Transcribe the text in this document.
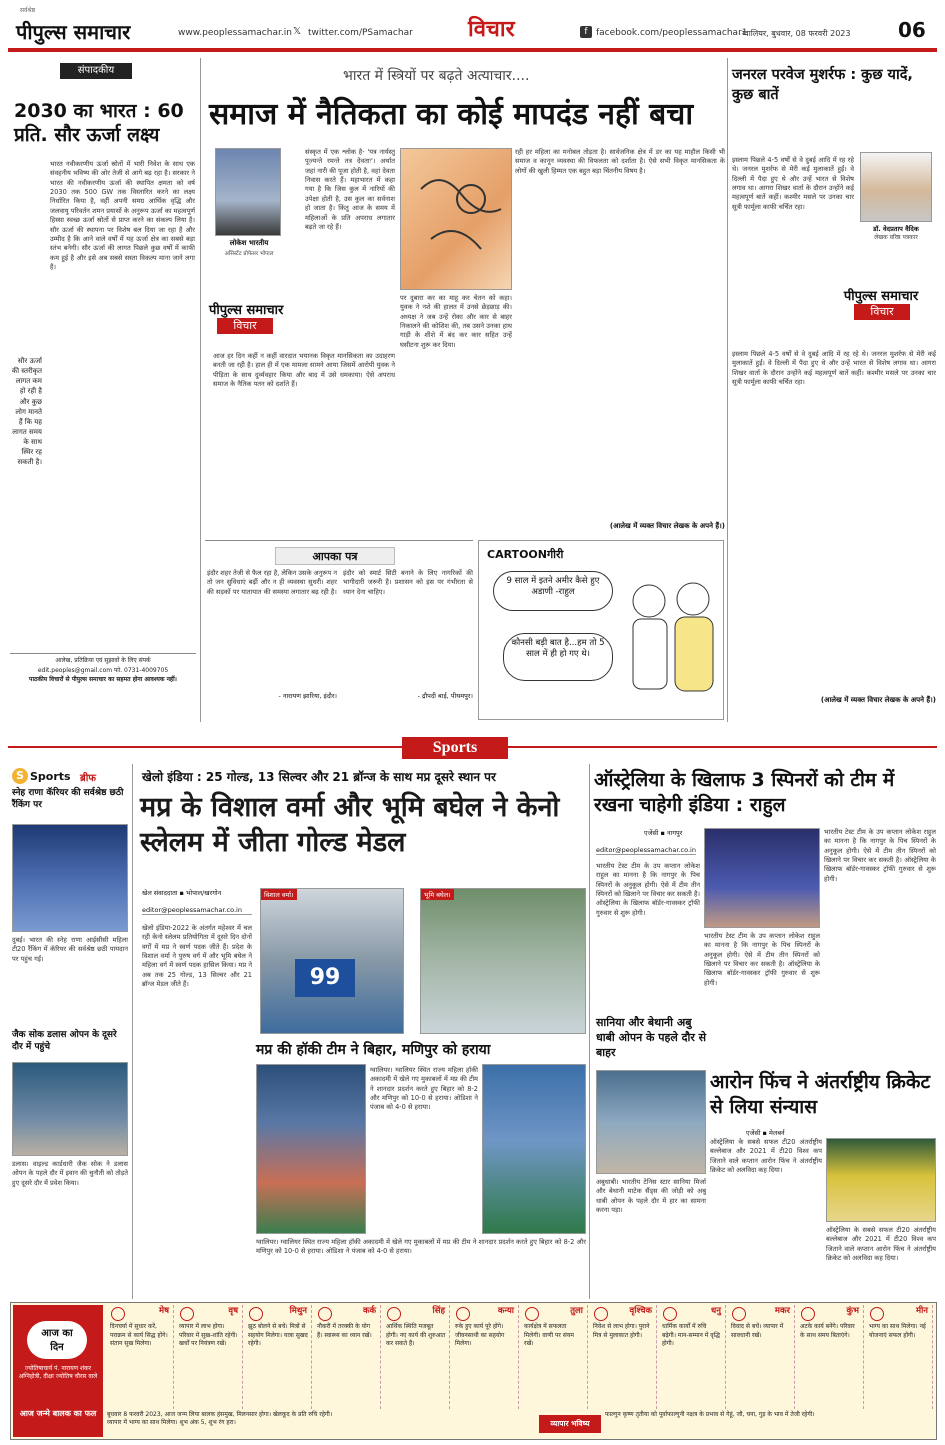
पीपुल्स समाचार
सर्वश्रेष्ठ
www.peoplessamachar.in 𝕏 twitter.com/PSamachar	विचार	f facebook.com/peoplessamachar1
ग्वालियर, बुधवार, 08 फरवरी 2023 06
संपादकीय
2030 का भारत : 60 प्रति. सौर ऊर्जा लक्ष्य
भारत नवीकरणीय ऊर्जा स्रोतों में भारी निवेश के साथ एक संवहनीय भविष्य की ओर तेजी से आगे बढ़ रहा है। सरकार ने भारत की नवीकरणीय ऊर्जा की स्थापित क्षमता को वर्ष 2030 तक 500 GW तक विस्तारित करने का लक्ष्य निर्धारित किया है, वहीं अपनी समग्र आर्थिक वृद्धि और जलवायु परिवर्तन शमन प्रयासों के अनुरूप ऊर्जा का महत्वपूर्ण हिस्सा स्वच्छ ऊर्जा स्रोतों से प्राप्त करने का संकल्प लिया है। सौर ऊर्जा की स्थापना पर विशेष बल दिया जा रहा है और उम्मीद है कि आने वाले वर्षों में यह ऊर्जा क्षेत्र का सबसे बड़ा स्तंभ बनेगी। सौर ऊर्जा की लागत पिछले कुछ वर्षों में काफी कम हुई है और इसे अब सबसे सस्ता विकल्प माना जाने लगा है।
सौर ऊर्जा की स्तरीकृत लागत कम हो रही है और कुछ लोग मानते हैं कि यह लागत समय के साथ स्थिर रह सकती है।
आलेख, प्रतिक्रिया एवं सुझावों के लिए संपर्क
edit.peoples@gmail.com फो. 0731-4009705
पाठकीय विचारों से पीपुल्स समाचार का सहमत होना आवश्यक नहीं।
भारत में स्त्रियों पर बढ़ते अत्याचार....
समाज में नैतिकता का कोई मापदंड नहीं बचा
लोकेश भारतीय
असिस्टेंट प्रोफेसर भोपाल
पीपुल्स समाचार
विचार
संस्कृत में एक श्लोक है- 'यत्र नार्यस्तु पूज्यन्ते रमन्ते तत्र देवताः'। अर्थात जहां नारी की पूजा होती है, वहां देवता निवास करते हैं। महाभारत में कहा गया है कि जिस कुल में नारियों की उपेक्षा होती है, उस कुल का सर्वनाश हो जाता है। किंतु आज के समय में महिलाओं के प्रति अपराध लगातार बढ़ते जा रहे हैं।
आज हर दिन कहीं न कहीं वारदात भयानक विकृत मानसिकता का उदाहरण बनती जा रही है। हाल ही में एक मामला सामने आया जिसमें आरोपी युवक ने पीड़िता के साथ दुर्व्यवहार किया और बाद में उसे धमकाया। ऐसे अपराध समाज के नैतिक पतन को दर्शाते हैं।
पर दुबारा कर का माहू कर चेतन को कहा। युवक ने नशे की हालत में उनसे छेड़छाड़ की। अध्यक्ष ने जब उन्हें रोका और कार से बाहर निकालने की कोशिश की, तब उसने उनका हाथ गाड़ी के शीशे में बंद कर कार सहित उन्हें घसीटना शुरू कर दिया।
रही हर महिला का मनोबल तोड़ता है। सार्वजनिक क्षेत्र में डर का यह माहौल किसी भी समाज व कानून व्यवस्था की विफलता को दर्शाता है। ऐसे सभी विकृत मानसिकता के लोगों की खुली हिम्मत एक बहुत बड़ा चिंतनीय विषय है।
(आलेख में व्यक्त विचार लेखक के अपने हैं।)
आपका पत्र
इंदौर शहर तेजी से फैल रहा है, लेकिन उसके अनुरूप न तो जन सुविधाएं बढ़ीं और न ही व्यवस्था सुधरी। शहर की सड़कों पर यातायात की समस्या लगातार बढ़ रही है।
- नारायण झारिया, इंदौर।
इंदौर को स्मार्ट सिटी बनाने के लिए नागरिकों की भागीदारी जरूरी है। प्रशासन को इस पर गंभीरता से ध्यान देना चाहिए।
- द्रौपदी बाई, पीथमपुर।
CARTOONगीरी
9 साल में इतने अमीर कैसे हुए अडाणी -राहुल
कौनसी बड़ी बात है...हम तो 5 साल में ही हो गए थे।
जनरल परवेज मुशर्रफ : कुछ यादें, कुछ बातें
डॉ. वेदप्रताप वैदिक
लेखक वरिष्ठ पत्रकार
पीपुल्स समाचार
विचार
इस्लाम पिछले 4-5 वर्षों से वे दुबई आदि में रह रहे थे। जनरल मुशर्रफ से मेरी कई मुलाकातें हुईं। वे दिल्ली में पैदा हुए थे और उन्हें भारत से विशेष लगाव था। आगरा शिखर वार्ता के दौरान उन्होंने कई महत्वपूर्ण बातें कहीं। कश्मीर मसले पर उनका चार सूत्री फार्मूला काफी चर्चित रहा।
इस्लाम पिछले 4-5 वर्षों से वे दुबई आदि में रह रहे थे। जनरल मुशर्रफ से मेरी कई मुलाकातें हुईं। वे दिल्ली में पैदा हुए थे और उन्हें भारत से विशेष लगाव था। आगरा शिखर वार्ता के दौरान उन्होंने कई महत्वपूर्ण बातें कहीं। कश्मीर मसले पर उनका चार सूत्री फार्मूला काफी चर्चित रहा।
(आलेख में व्यक्त विचार लेखक के अपने हैं।)
Sports
S Sports ब्रीफ
स्नेह राणा कॅरियर की सर्वश्रेष्ठ छठी रैंकिंग पर
दुबई। भारत की स्नेह राणा आईसीसी महिला टी20 रैंकिंग में कॅरियर की सर्वश्रेष्ठ छठी पायदान पर पहुंच गईं।
जैक सोक डलास ओपन के दूसरे दौर में पहुंचे
डलास। वाइल्ड कार्डधारी जैक सोक ने डलास ओपन के पहले दौर में इवान की चुनौती को तोड़ते हुए दूसरे दौर में प्रवेश किया।
खेलो इंडिया : 25 गोल्ड, 13 सिल्वर और 21 ब्रॉन्ज के साथ मप्र दूसरे स्थान पर
मप्र के विशाल वर्मा और भूमि बघेल ने केनो स्लेलम में जीता गोल्ड मेडल
खेल संवाददाता ▪ भोपाल/खरगोन
editor@peoplessamachar.co.in
विशाल वर्मा।
99
भूमि बघेल।
खेलो इंडिया-2022 के अंतर्गत महेश्वर में चल रही केनो स्लेलम प्रतियोगिता में दूसरे दिन दोनों वर्गों में मप्र ने स्वर्ण पदक जीते हैं। प्रदेश के विशाल वर्मा ने पुरुष वर्ग में और भूमि बघेल ने महिला वर्ग में स्वर्ण पदक हासिल किया। मप्र ने अब तक 25 गोल्ड, 13 सिल्वर और 21 ब्रॉन्ज मेडल जीते हैं।
मप्र की हॉकी टीम ने बिहार, मणिपुर को हराया
ग्वालियर। ग्वालियर स्थित राज्य महिला हॉकी अकादमी में खेले गए मुकाबलों में मप्र की टीम ने शानदार प्रदर्शन करते हुए बिहार को 8-2 और मणिपुर को 10-0 से हराया। ओडिशा ने पंजाब को 4-0 से हराया।
ग्वालियर। ग्वालियर स्थित राज्य महिला हॉकी अकादमी में खेले गए मुकाबलों में मप्र की टीम ने शानदार प्रदर्शन करते हुए बिहार को 8-2 और मणिपुर को 10-0 से हराया। ओडिशा ने पंजाब को 4-0 से हराया।
ऑस्ट्रेलिया के खिलाफ 3 स्पिनरों को टीम में रखना चाहेगी इंडिया : राहुल
एजेंसी ▪ नागपुर
editor@peoplessamachar.co.in
भारतीय टेस्ट टीम के उप कप्तान लोकेश राहुल का मानना है कि नागपुर के पिच स्पिनरों के अनुकूल होगी। ऐसे में टीम तीन स्पिनरों को खिलाने पर विचार कर सकती है। ऑस्ट्रेलिया के खिलाफ बॉर्डर-गावस्कर ट्रॉफी गुरुवार से शुरू होगी।
भारतीय टेस्ट टीम के उप कप्तान लोकेश राहुल का मानना है कि नागपुर के पिच स्पिनरों के अनुकूल होगी। ऐसे में टीम तीन स्पिनरों को खिलाने पर विचार कर सकती है। ऑस्ट्रेलिया के खिलाफ बॉर्डर-गावस्कर ट्रॉफी गुरुवार से शुरू होगी।
भारतीय टेस्ट टीम के उप कप्तान लोकेश राहुल का मानना है कि नागपुर के पिच स्पिनरों के अनुकूल होगी। ऐसे में टीम तीन स्पिनरों को खिलाने पर विचार कर सकती है। ऑस्ट्रेलिया के खिलाफ बॉर्डर-गावस्कर ट्रॉफी गुरुवार से शुरू होगी।
सानिया और बेथानी अबु धाबी ओपन के पहले दौर से बाहर
अबुधाबी। भारतीय टेनिस स्टार सानिया मिर्जा और बेथानी माटेक सैंड्स की जोड़ी को अबु धाबी ओपन के पहले दौर में हार का सामना करना पड़ा।
आरोन फिंच ने अंतर्राष्ट्रीय क्रिकेट से लिया संन्यास
एजेंसी ▪ मेलबर्न
ऑस्ट्रेलिया के सबसे सफल टी20 अंतर्राष्ट्रीय बल्लेबाज और 2021 में टी20 विश्व कप जिताने वाले कप्तान आरोन फिंच ने अंतर्राष्ट्रीय क्रिकेट को अलविदा कह दिया।
ऑस्ट्रेलिया के सबसे सफल टी20 अंतर्राष्ट्रीय बल्लेबाज और 2021 में टी20 विश्व कप जिताने वाले कप्तान आरोन फिंच ने अंतर्राष्ट्रीय क्रिकेट को अलविदा कह दिया।
आज का
दिन
ज्योतिषाचार्य पं. नारायण शंकर अग्निहोत्री, दीक्षा ज्योतिष चौरस वाले
आज जन्मे बालक का फल
मेष
दिनचर्या में सुधार करें, पराक्रम से कार्य सिद्ध होंगे। संतान सुख मिलेगा।
वृष
व्यापार में लाभ होगा। परिवार में सुख-शांति रहेगी। खर्चों पर नियंत्रण रखें।
मिथुन
झूठ बोलने से बचें। मित्रों से सहयोग मिलेगा। यात्रा सुखद रहेगी।
कर्क
नौकरी में तरक्की के योग हैं। स्वास्थ्य का ध्यान रखें।
सिंह
आर्थिक स्थिति मजबूत होगी। नए कार्य की शुरुआत कर सकते हैं।
कन्या
रुके हुए कार्य पूरे होंगे। जीवनसाथी का सहयोग मिलेगा।
तुला
कार्यक्षेत्र में सफलता मिलेगी। वाणी पर संयम रखें।
वृश्चिक
निवेश से लाभ होगा। पुराने मित्र से मुलाकात होगी।
धनु
धार्मिक कार्यों में रुचि बढ़ेगी। मान-सम्मान में वृद्धि होगी।
मकर
विवाद से बचें। व्यापार में सावधानी रखें।
कुंभ
अटके कार्य बनेंगे। परिवार के साथ समय बिताएंगे।
मीन
भाग्य का साथ मिलेगा। नई योजनाएं सफल होंगी।
बुधवार 8 फरवरी 2023, आज जन्म लिया बालक हंसमुख, मिलनसार होगा। खेलकूद के प्रति रुचि रहेगी।
व्यापार में भाग्य का साथ मिलेगा। शुभ अंक 5, शुभ रंग हरा।	व्यापार भविष्य
फाल्गुन कृष्ण तृतीया को पूर्वाफाल्गुनी नक्षत्र के प्रभाव से गेहूं, जौ, चना, गुड़ के भाव में तेजी रहेगी।
